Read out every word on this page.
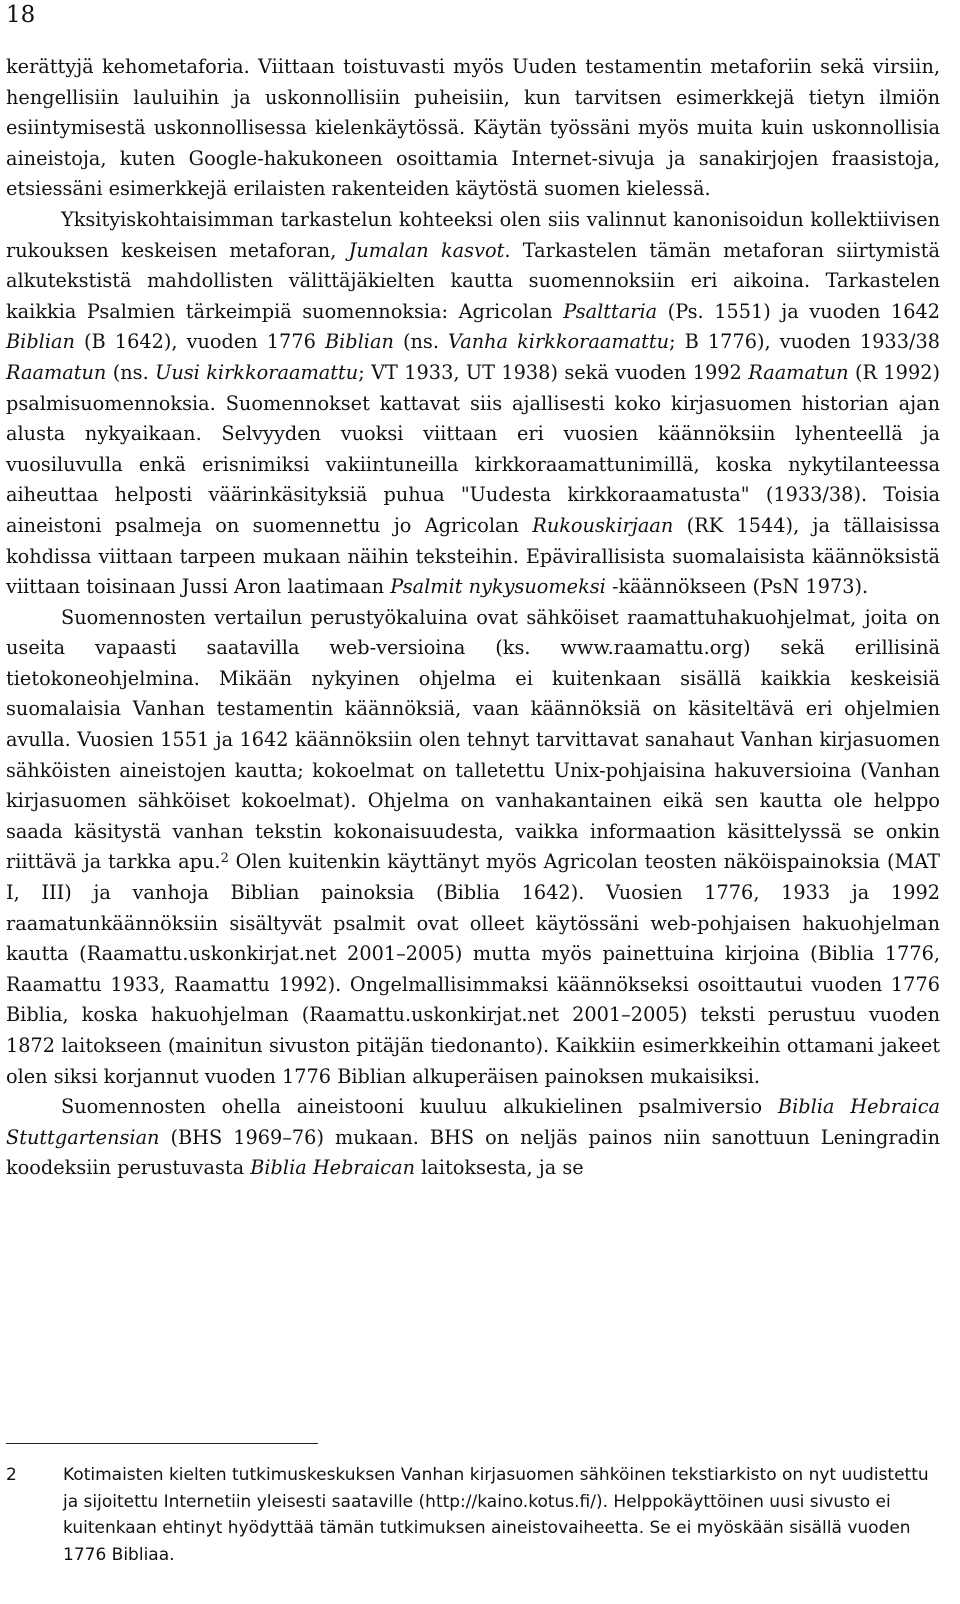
18

kerättyjä kehometaforia. Viittaan toistuvasti myös Uuden testamentin metaforiin sekä virsiin, hengellisiin lauluihin ja uskonnollisiin puheisiin, kun tarvitsen esimerkkejä tietyn ilmiön esiintymisestä uskonnollisessa kielenkäytössä. Käytän työssäni myös muita kuin uskonnollisia aineistoja, kuten Google-hakukoneen osoittamia Internet-sivuja ja sanakirjojen fraasistoja, etsiessäni esimerkkejä erilaisten rakenteiden käytöstä suomen kielessä.

Yksityiskohtaisimman tarkastelun kohteeksi olen siis valinnut kanonisoidun kollektiivisen rukouksen keskeisen metaforan, Jumalan kasvot. Tarkastelen tämän metaforan siirtymistä alkutekstistä mahdollisten välittäjäkielten kautta suomennoksiin eri aikoina. Tarkastelen kaikkia Psalmien tärkeimpiä suomennoksia: Agricolan Psalttaria (Ps. 1551) ja vuoden 1642 Biblian (B 1642), vuoden 1776 Biblian (ns. Vanha kirkkoraamattu; B 1776), vuoden 1933/38 Raamatun (ns. Uusi kirkkoraamattu; VT 1933, UT 1938) sekä vuoden 1992 Raamatun (R 1992) psalmisuomennoksia. Suomennokset kattavat siis ajallisesti koko kirjasuomen historian ajan alusta nykyaikaan. Selvyyden vuoksi viittaan eri vuosien käännöksiin lyhenteellä ja vuosiluvulla enkä erisnimiksi vakiintuneilla kirkkoraamattunimillä, koska nykytilanteessa aiheuttaa helposti väärinkäsityksiä puhua "Uudesta kirkkoraamatusta" (1933/38). Toisia aineistoni psalmeja on suomennettu jo Agricolan Rukouskirjaan (RK 1544), ja tällaisissa kohdissa viittaan tarpeen mukaan näihin teksteihin. Epävirallisista suomalaisista käännöksistä viittaan toisinaan Jussi Aron laatimaan Psalmit nykysuomeksi -käännökseen (PsN 1973).

Suomennosten vertailun perustyökaluina ovat sähköiset raamattuhakuohjelmat, joita on useita vapaasti saatavilla web-versioina (ks. www.raamattu.org) sekä erillisinä tietokoneohjelmina. Mikään nykyinen ohjelma ei kuitenkaan sisällä kaikkia keskeisiä suomalaisia Vanhan testamentin käännöksiä, vaan käännöksiä on käsiteltävä eri ohjelmien avulla. Vuosien 1551 ja 1642 käännöksiin olen tehnyt tarvittavat sanahaut Vanhan kirjasuomen sähköisten aineistojen kautta; kokoelmat on talletettu Unix-pohjaisina hakuversioina (Vanhan kirjasuomen sähköiset kokoelmat). Ohjelma on vanhakantainen eikä sen kautta ole helppo saada käsitystä vanhan tekstin kokonaisuudesta, vaikka informaation käsittelyssä se onkin riittävä ja tarkka apu.$^2$ Olen kuitenkin käyttänyt myös Agricolan teosten näköispainoksia (MAT I, III) ja vanhoja Biblian painoksia (Biblia 1642). Vuosien 1776, 1933 ja 1992 raamatunkäännöksiin sisältyvät psalmit ovat olleet käytössäni web-pohjaisen hakuohjelman kautta (Raamattu.uskonkirjat.net 2001–2005) mutta myös painettuina kirjoina (Biblia 1776, Raamattu 1933, Raamattu 1992). Ongelmallisimmaksi käännökseksi osoittautui vuoden 1776 Biblia, koska hakuohjelman (Raamattu.uskonkirjat.net 2001–2005) teksti perustuu vuoden 1872 laitokseen (mainitun sivuston pitäjän tiedonanto). Kaikkiin esimerkkeihin ottamani jakeet olen siksi korjannut vuoden 1776 Biblian alkuperäisen painoksen mukaisiksi.

Suomennosten ohella aineistooni kuuluu alkukielinen psalmiversio Biblia Hebraica Stuttgartensian (BHS 1969–76) mukaan. BHS on neljäs painos niin sanottuun Leningradin koodeksiin perustuvasta Biblia Hebraican laitoksesta, ja se

2	Kotimaisten kielten tutkimuskeskuksen Vanhan kirjasuomen sähköinen tekstiarkisto on nyt uudistettu ja sijoitettu Internetiin yleisesti saataville (http://kaino.kotus.fi/). Helppokäyttöinen uusi sivusto ei kuitenkaan ehtinyt hyödyttää tämän tutkimuksen aineistovaiheetta. Se ei myöskään sisällä vuoden 1776 Bibliaa.
